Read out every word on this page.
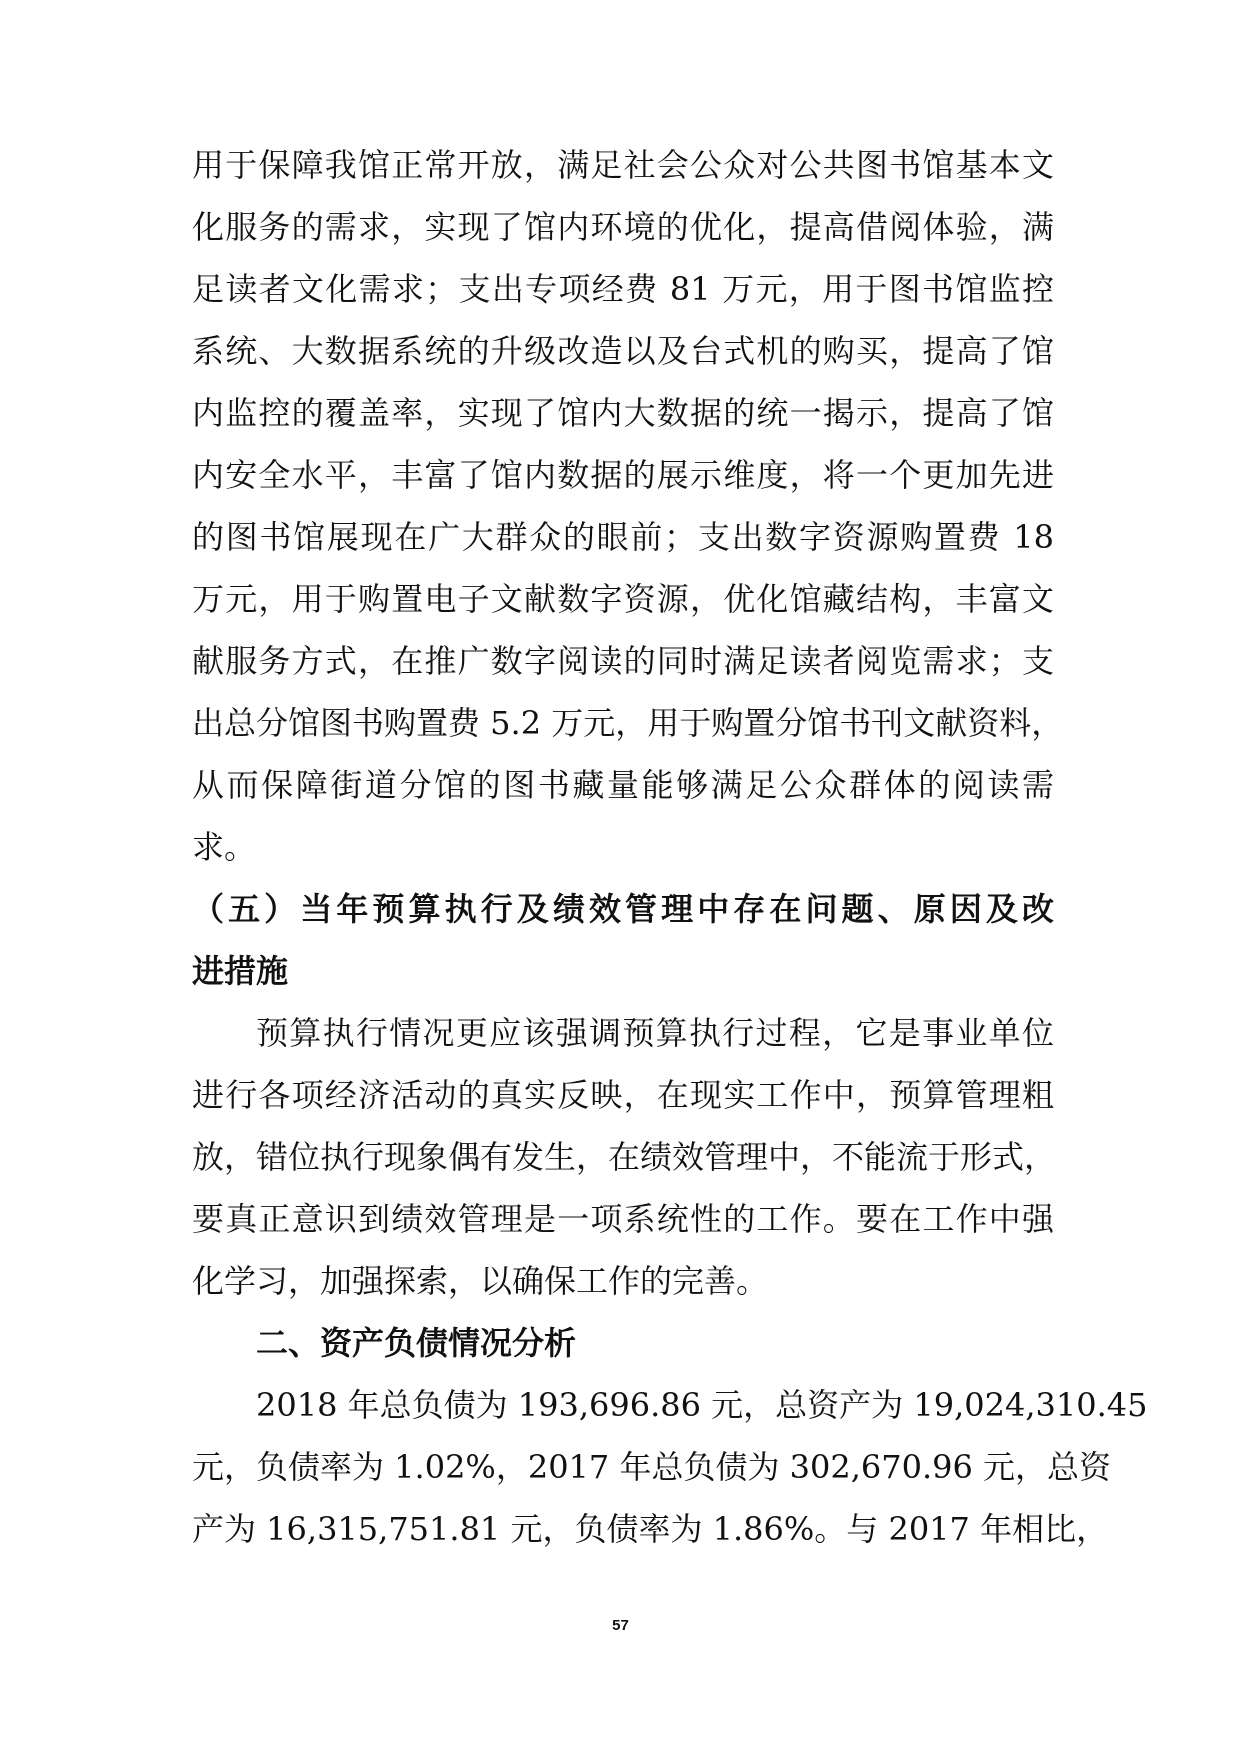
用于保障我馆正常开放，满足社会公众对公共图书馆基本文
化服务的需求，实现了馆内环境的优化，提高借阅体验，满
足读者文化需求；支出专项经费 81 万元，用于图书馆监控
系统、大数据系统的升级改造以及台式机的购买，提高了馆
内监控的覆盖率，实现了馆内大数据的统一揭示，提高了馆
内安全水平，丰富了馆内数据的展示维度，将一个更加先进
的图书馆展现在广大群众的眼前；支出数字资源购置费 18
万元，用于购置电子文献数字资源，优化馆藏结构，丰富文
献服务方式，在推广数字阅读的同时满足读者阅览需求；支
出总分馆图书购置费 5.2 万元，用于购置分馆书刊文献资料，
从而保障街道分馆的图书藏量能够满足公众群体的阅读需
求。
（五）当年预算执行及绩效管理中存在问题、原因及改
进措施
预算执行情况更应该强调预算执行过程，它是事业单位
进行各项经济活动的真实反映，在现实工作中，预算管理粗
放，错位执行现象偶有发生，在绩效管理中，不能流于形式，
要真正意识到绩效管理是一项系统性的工作。要在工作中强
化学习，加强探索，以确保工作的完善。
二、资产负债情况分析
2018 年总负债为 193,696.86 元，总资产为 19,024,310.45
元，负债率为 1.02%，2017 年总负债为 302,670.96 元，总资
产为 16,315,751.81 元，负债率为 1.86%。与 2017 年相比，
57
